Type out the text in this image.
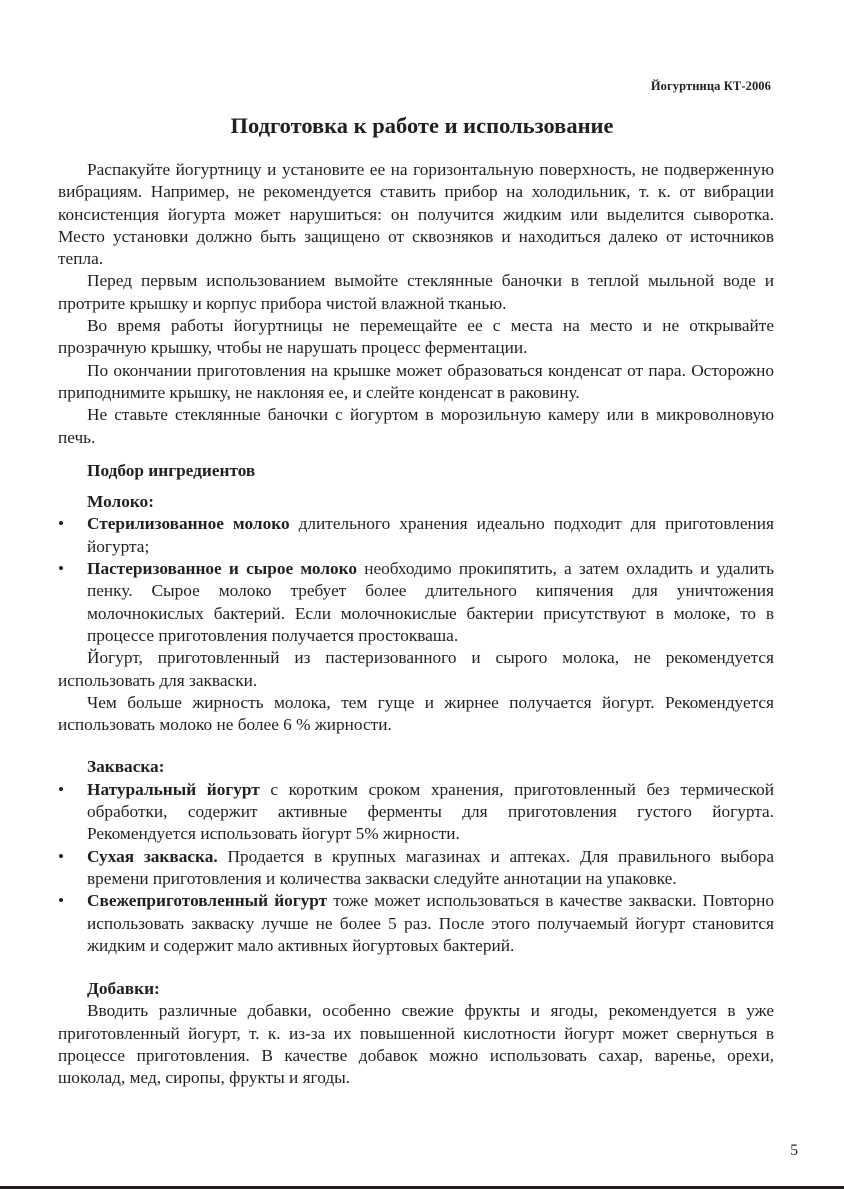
Йогуртница КТ-2006
Подготовка к работе и использование

Распакуйте йогуртницу и установите ее на горизонтальную поверхность, не подверженную вибрациям. Например, не рекомендуется ставить прибор на холодильник, т. к. от вибрации консистенция йогурта может нарушиться: он получится жидким или выделится сыворотка. Место установки должно быть защищено от сквозняков и находиться далеко от источников тепла.

Перед первым использованием вымойте стеклянные баночки в теплой мыльной воде и протрите крышку и корпус прибора чистой влажной тканью.

Во время работы йогуртницы не перемещайте ее с места на место и не открывайте прозрачную крышку, чтобы не нарушать процесс ферментации.

По окончании приготовления на крышке может образоваться конденсат от пара. Осторожно приподнимите крышку, не наклоняя ее, и слейте конденсат в раковину.

Не ставьте стеклянные баночки с йогуртом в морозильную камеру или в микроволновую печь.

Подбор ингредиентов
Молоко:
• Стерилизованное молоко длительного хранения идеально подходит для приготовления йогурта;
• Пастеризованное и сырое молоко необходимо прокипятить, а затем охладить и удалить пенку. Сырое молоко требует более длительного кипячения для уничтожения молочнокислых бактерий. Если молочнокислые бактерии присутствуют в молоке, то в процессе приготовления получается простокваша.

Йогурт, приготовленный из пастеризованного и сырого молока, не рекомендуется использовать для закваски.

Чем больше жирность молока, тем гуще и жирнее получается йогурт. Рекомендуется использовать молоко не более 6 % жирности.

Закваска:
• Натуральный йогурт с коротким сроком хранения, приготовленный без термической обработки, содержит активные ферменты для приготовления густого йогурта. Рекомендуется использовать йогурт 5% жирности.
• Сухая закваска. Продается в крупных магазинах и аптеках. Для правильного выбора времени приготовления и количества закваски следуйте аннотации на упаковке.
• Свежеприготовленный йогурт тоже может использоваться в качестве закваски. Повторно использовать закваску лучше не более 5 раз. После этого получаемый йогурт становится жидким и содержит мало активных йогуртовых бактерий.
Добавки:

Вводить различные добавки, особенно свежие фрукты и ягоды, рекомендуется в уже приготовленный йогурт, т. к. из-за их повышенной кислотности йогурт может свернуться в процессе приготовления. В качестве добавок можно использовать сахар, варенье, орехи, шоколад, мед, сиропы, фрукты и ягоды.

5
